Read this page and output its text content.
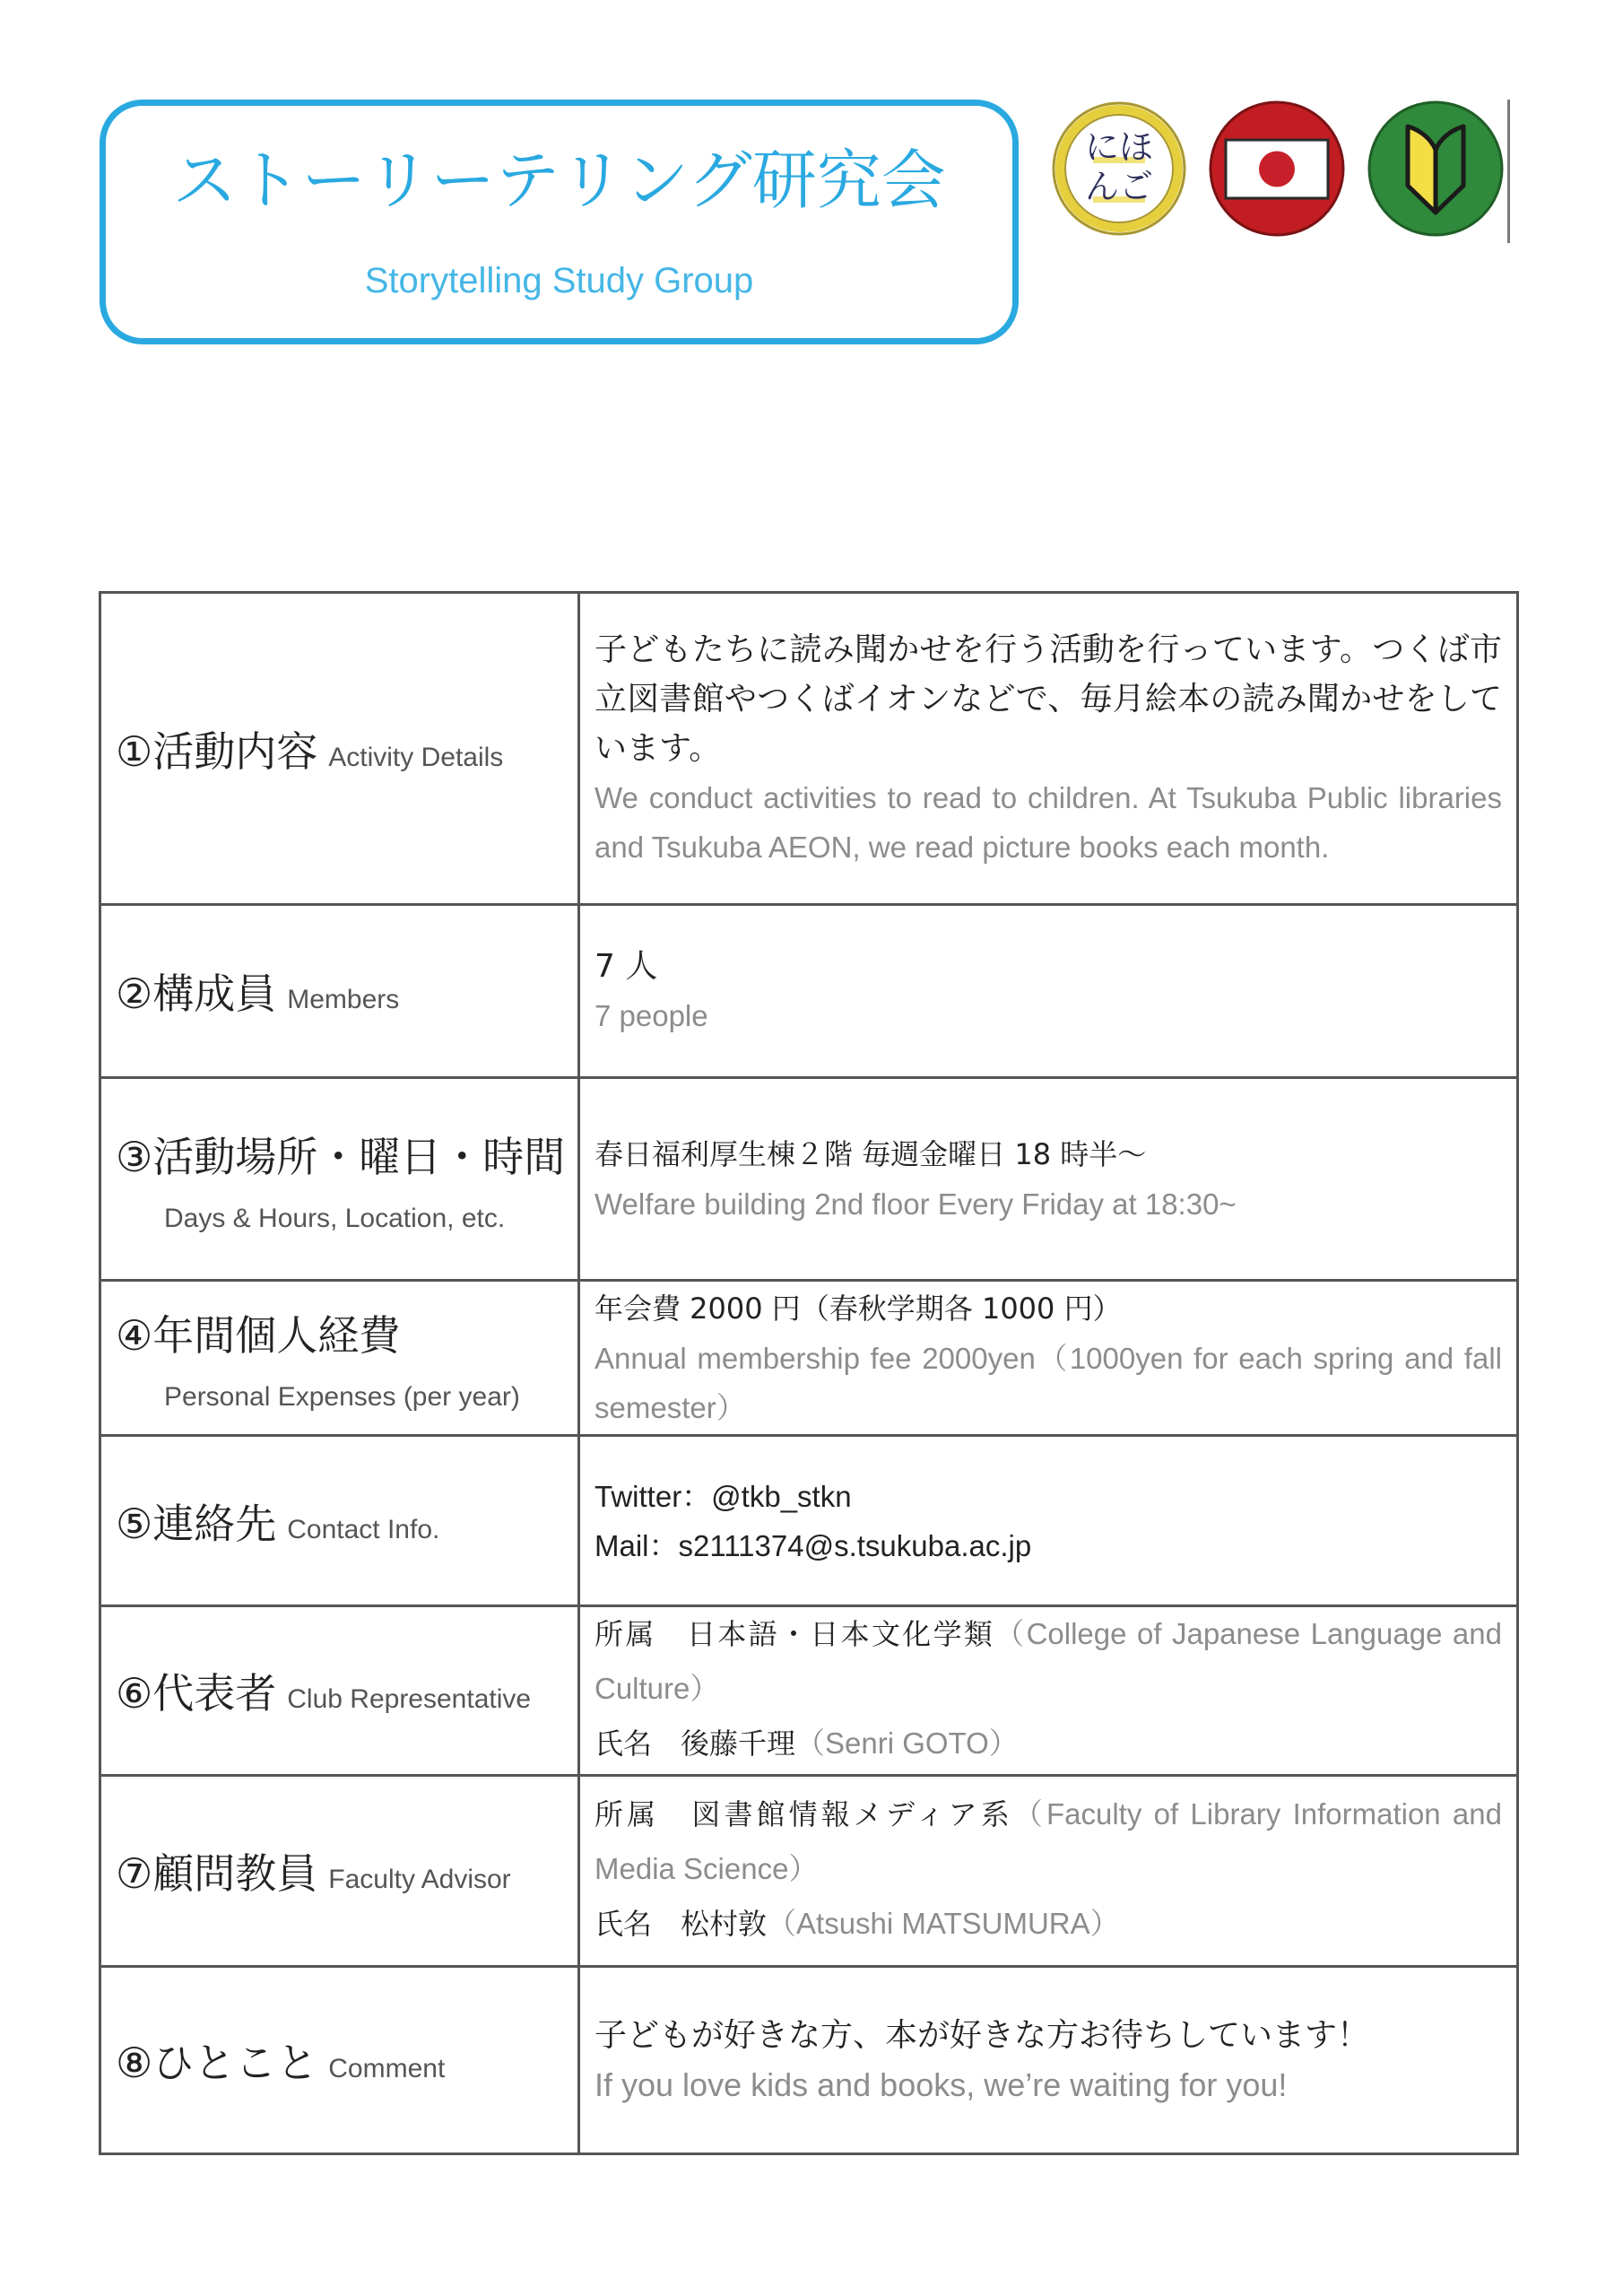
ストーリーテリング研究会
Storytelling Study Group
にほ
んご
①活動内容 Activity Details

子どもたちに読み聞かせを行う活動を行っています。つくば市立図書館やつくばイオンなどで、毎月絵本の読み聞かせをしています。

We conduct activities to read to children. At Tsukuba Public libraries and Tsukuba AEON, we read picture books each month.

②構成員 Members

7 人

7 people

③活動場所・曜日・時間
Days & Hours, Location, etc.

春日福利厚生棟２階 毎週金曜日 18 時半～

Welfare building 2nd floor Every Friday at 18:30~

④年間個人経費
Personal Expenses (per year)

年会費 2000 円（春秋学期各 1000 円）

Annual membership fee 2000yen（1000yen for each spring and fall semester）

⑤連絡先 Contact Info.

Twitter：@tkb_stkn

Mail：s2111374@s.tsukuba.ac.jp

⑥代表者 Club Representative

所属　日本語・日本文化学類（College of Japanese Language and Culture）

氏名　後藤千理（Senri GOTO）

⑦顧問教員 Faculty Advisor

所属　図書館情報メディア系（Faculty of Library Information and Media Science）

氏名　松村敦（Atsushi MATSUMURA）

⑧ひとこと Comment

子どもが好きな方、本が好きな方お待ちしています！

If you love kids and books, we’re waiting for you!
